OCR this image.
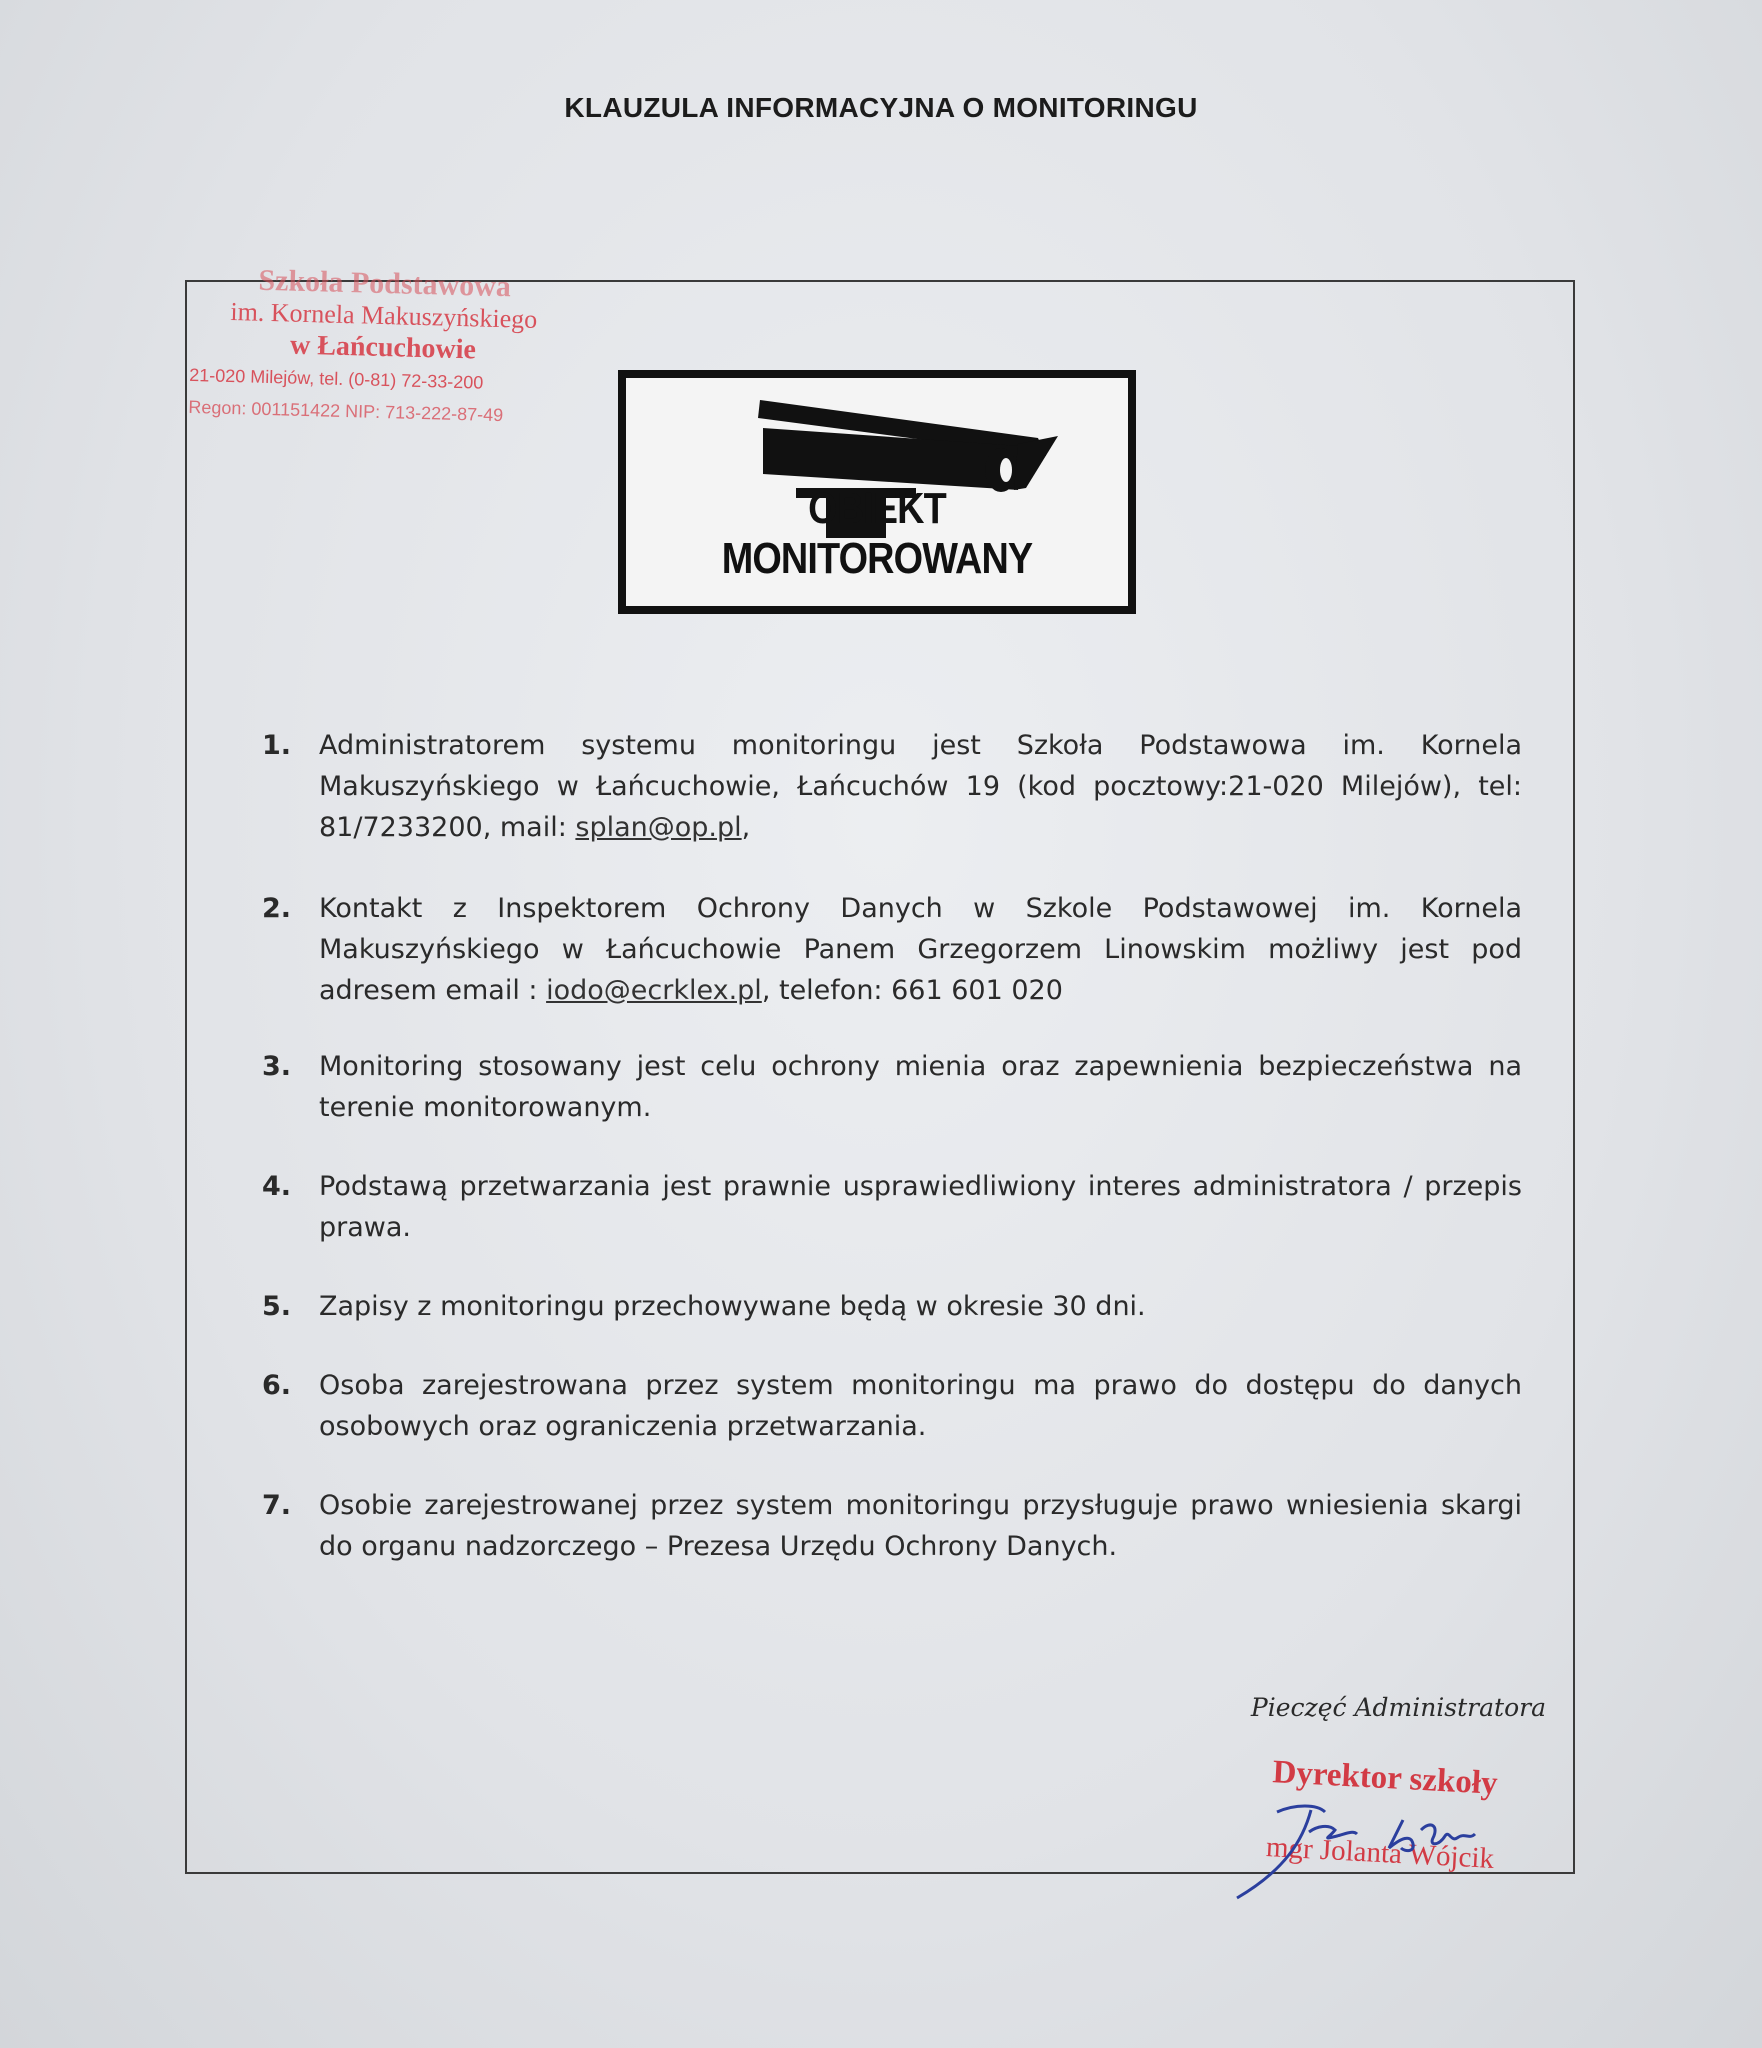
KLAUZULA INFORMACYJNA O MONITORINGU
Szkoła Podstawowa
im. Kornela Makuszyńskiego
w Łańcuchowie
21-020 Milejów, tel. (0-81) 72-33-200
Regon: 001151422 NIP: 713-222-87-49
OBIEKT MONITOROWANY
1. Administratorem systemu monitoringu jest Szkoła Podstawowa im. Kornela Makuszyńskiego w Łańcuchowie, Łańcuchów 19 (kod pocztowy:21-020 Milejów), tel: 81/7233200, mail: splan@op.pl,
2. Kontakt z Inspektorem Ochrony Danych w Szkole Podstawowej im. Kornela Makuszyńskiego w Łańcuchowie Panem Grzegorzem Linowskim możliwy jest pod adresem email : iodo@ecrklex.pl, telefon: 661 601 020
3. Monitoring stosowany jest celu ochrony mienia oraz zapewnienia bezpieczeństwa na terenie monitorowanym.
4. Podstawą przetwarzania jest prawnie usprawiedliwiony interes administratora / przepis prawa.
5. Zapisy z monitoringu przechowywane będą w okresie 30 dni.
6. Osoba zarejestrowana przez system monitoringu ma prawo do dostępu do danych osobowych oraz ograniczenia przetwarzania.
7. Osobie zarejestrowanej przez system monitoringu przysługuje prawo wniesienia skargi do organu nadzorczego – Prezesa Urzędu Ochrony Danych.
Pieczęć Administratora
Dyrektor szkoły
mgr Jolanta Wójcik
